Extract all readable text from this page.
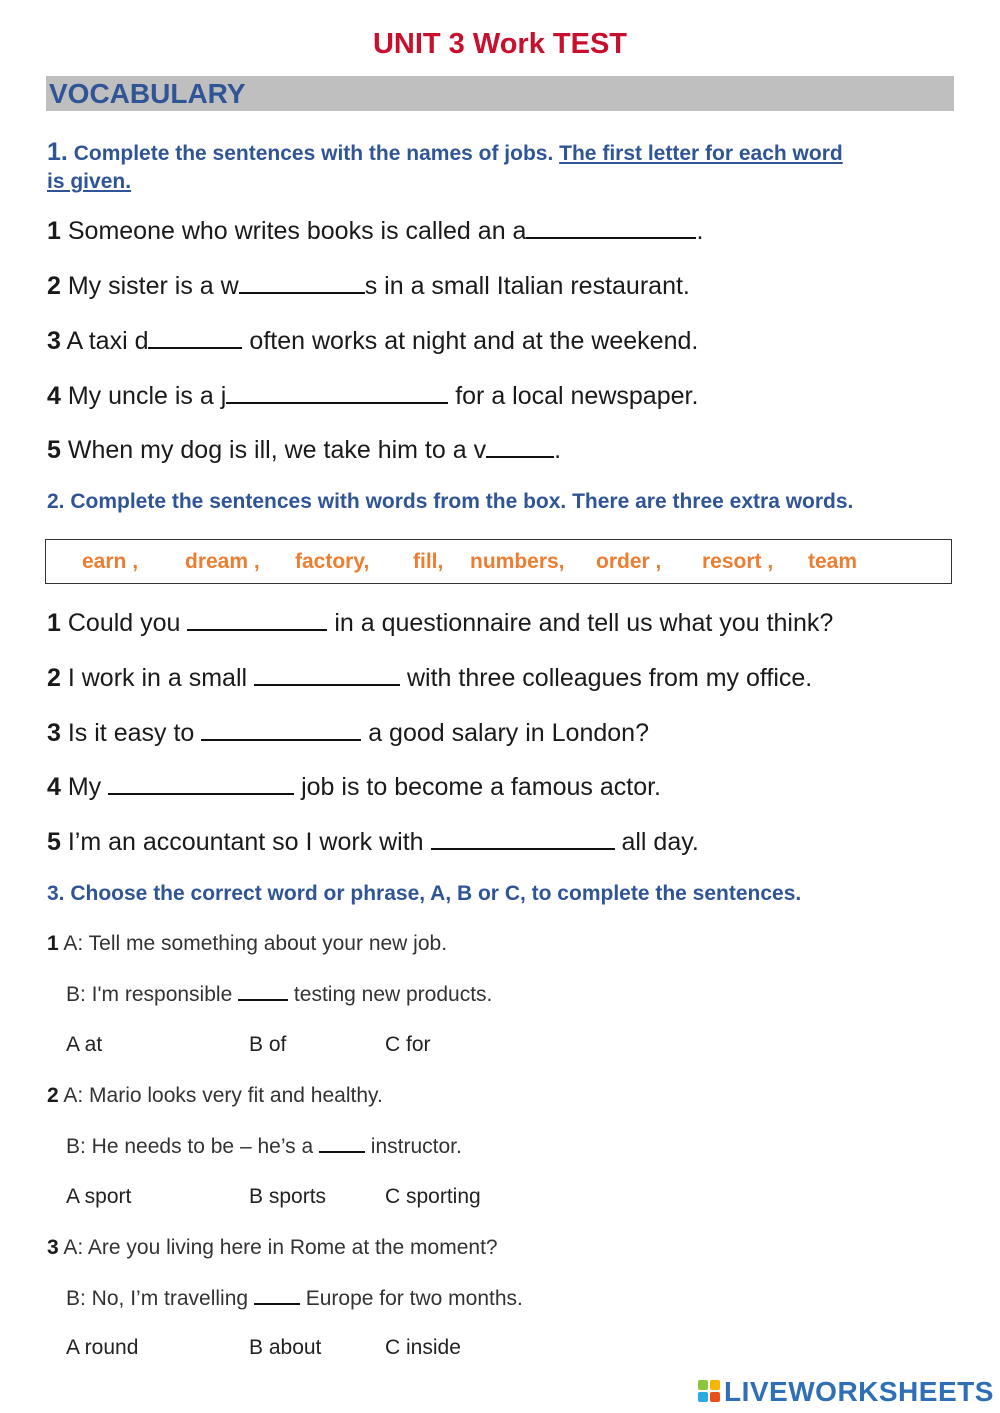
UNIT 3 Work TEST
VOCABULARY
1. Complete the sentences with the names of jobs. The first letter for each word
is given.
1 Someone who writes books is called an a	.
2 My sister is a w	s in a small Italian restaurant.
3 A taxi d	often works at night and at the weekend.
4 My uncle is a j	for a local newspaper.
5 When my dog is ill, we take him to a v	.
2. Complete the sentences with words from the box. There are three extra words.
earn , dream , factory, fill, numbers, order , resort , team
1 Could you	in a questionnaire and tell us what you think?
2 I work in a small	with three colleagues from my office.
3 Is it easy to	a good salary in London?
4 My	job is to become a famous actor.
5 I’m an accountant so I work with	all day.
3. Choose the correct word or phrase, A, B or C, to complete the sentences.
1 A: Tell me something about your new job.
B: I'm responsible  testing new products.
A at	B of	C for
2 A: Mario looks very fit and healthy.
B: He needs to be – he’s a  instructor.
A sport	B sports	C sporting
3 A: Are you living here in Rome at the moment?
B: No, I’m travelling  Europe for two months.
A round	B about	C inside
LIVEWORKSHEETS
